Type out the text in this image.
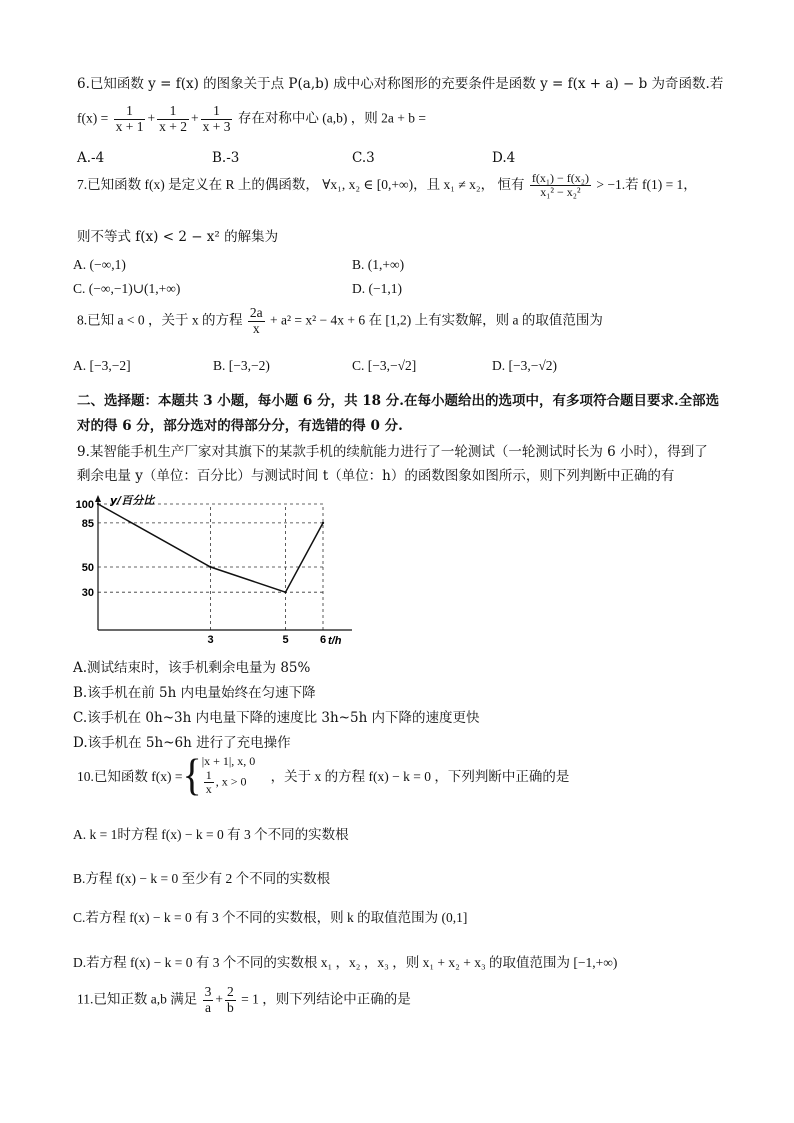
6.已知函数 y = f(x) 的图象关于点 P(a,b) 成中心对称图形的充要条件是函数 y = f(x + a) − b 为奇函数.若
$f(x) = \frac{1}{x + 1} + \frac{1}{x + 2} + \frac{1}{x + 3}$ 存在对称中心 (a,b) ，则 2a + b =
A.-4	B.-3	C.3	D.4
7.已知函数 f(x) 是定义在 R 上的偶函数， ∀x₁, x₂ ∈ [0,+∞)，且 x₁ ≠ x₂， 恒有 $\frac{\text{f(x₁) − f(x₂)}}{\text{x₁² − x₂²}} > -1$.若 f(1) = 1，
则不等式 f(x) < 2 − x² 的解集为
A. (−∞,1)	B. (1,+∞)
C. (−∞,−1)∪(1,+∞)	D. (−1,1)
8.已知 a < 0 ，关于 x 的方程 $\frac{2a}{x} + a^2 = x^2 - 4x + 6$ 在 [1,2) 上有实数解，则 a 的取值范围为
A. [−3,−2]	B. [−3,−2)	C. [−3,−√2]	D. [−3,−√2)
二、选择题：本题共 3 小题，每小题 6 分，共 18 分.在每小题给出的选项中，有多项符合题目要求.全部选
对的得 6 分，部分选对的得部分分，有选错的得 0 分.
9.某智能手机生产厂家对其旗下的某款手机的续航能力进行了一轮测试（一轮测试时长为 6 小时），得到了
剩余电量 y（单位：百分比）与测试时间 t（单位：h）的函数图象如图所示，则下列判断中正确的有
100
85
50
30
3	5	6
y/百分比
t/h
A.测试结束时，该手机剩余电量为 85%
B.该手机在前 5h 内电量始终在匀速下降
C.该手机在 0h~3h 内电量下降的速度比 3h~5h 内下降的速度更快
D.该手机在 5h~6h 进行了充电操作
10.已知函数 f(x) ={ |x + 1|, x, 0
$\frac{1}{x}$ , x > 0	，关于 x 的方程 f(x) − k = 0 ，下列判断中正确的是
A. k = 1时方程 f(x) − k = 0 有 3 个不同的实数根
B.方程 f(x) − k = 0 至少有 2 个不同的实数根
C.若方程 f(x) − k = 0 有 3 个不同的实数根，则 k 的取值范围为 (0,1]
D.若方程 f(x) − k = 0 有 3 个不同的实数根 x₁ ，x₂ ，x₃ ，则 x₁ + x₂ + x₃ 的取值范围为 [−1,+∞)
11.已知正数 a,b 满足 $\frac{3}{a} + \frac{2}{b} = 1$ ，则下列结论中正确的是
